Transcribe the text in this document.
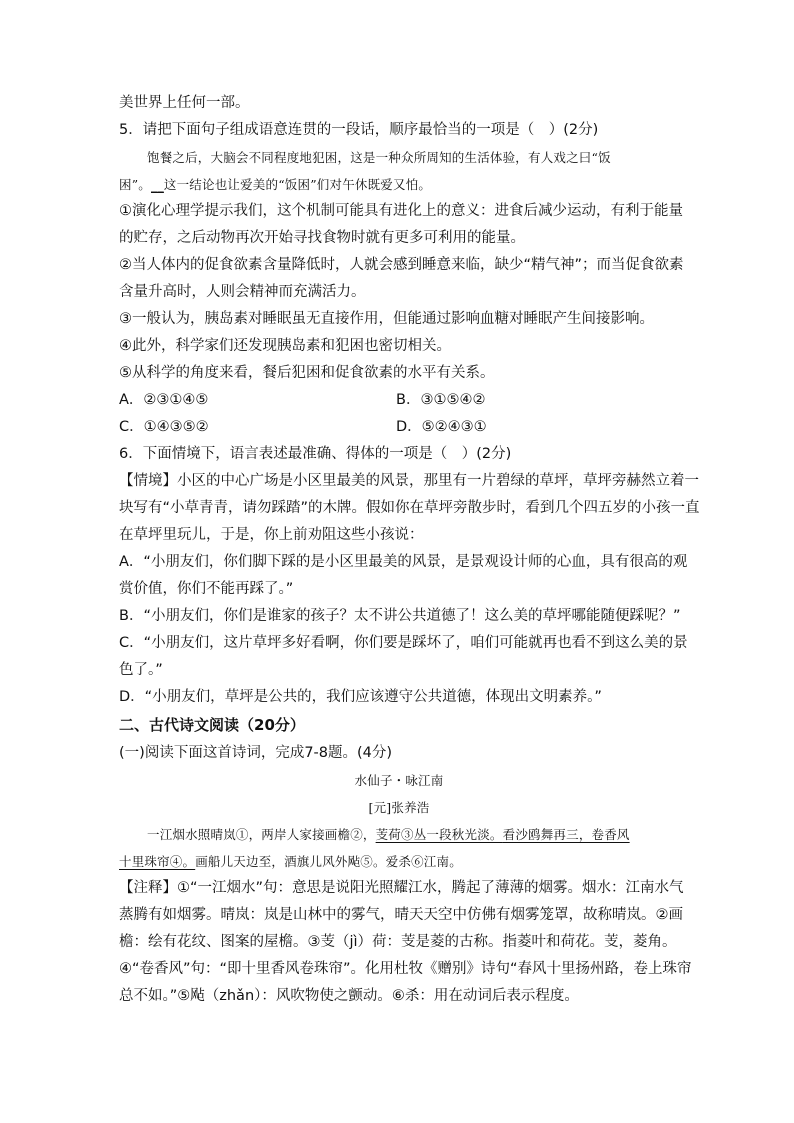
美世界上任何一部。
5．请把下面句子组成语意连贯的一段话，顺序最恰当的一项是（　）(2分)
饱餐之后，大脑会不同程度地犯困，这是一种众所周知的生活体验，有人戏之曰“饭
困”。__这一结论也让爱美的“饭困”们对午休既爱又怕。
①演化心理学提示我们，这个机制可能具有进化上的意义：进食后减少运动，有利于能量
的贮存，之后动物再次开始寻找食物时就有更多可利用的能量。
②当人体内的促食欲素含量降低时，人就会感到睡意来临，缺少“精气神”；而当促食欲素
含量升高时，人则会精神而充满活力。
③一般认为，胰岛素对睡眠虽无直接作用，但能通过影响血糖对睡眠产生间接影响。
④此外，科学家们还发现胰岛素和犯困也密切相关。
⑤从科学的角度来看，餐后犯困和促食欲素的水平有关系。
A．②③①④⑤	B．③①⑤④②
C．①④③⑤②	D．⑤②④③①
6．下面情境下，语言表述最准确、得体的一项是（　）(2分)
【情境】小区的中心广场是小区里最美的风景，那里有一片碧绿的草坪，草坪旁赫然立着一
块写有“小草青青，请勿踩踏”的木牌。假如你在草坪旁散步时，看到几个四五岁的小孩一直
在草坪里玩儿，于是，你上前劝阻这些小孩说：
A．“小朋友们，你们脚下踩的是小区里最美的风景，是景观设计师的心血，具有很高的观
赏价值，你们不能再踩了。”
B．“小朋友们，你们是谁家的孩子？太不讲公共道德了！这么美的草坪哪能随便踩呢？”
C．“小朋友们，这片草坪多好看啊，你们要是踩坏了，咱们可能就再也看不到这么美的景
色了。”
D．“小朋友们，草坪是公共的，我们应该遵守公共道德，体现出文明素养。”
二、古代诗文阅读（20分）
(一)阅读下面这首诗词，完成7-8题。(4分)
水仙子・咏江南
[元]张养浩
一江烟水照晴岚①，两岸人家接画檐②，芰荷③丛一段秋光淡。看沙鸥舞再三，卷香风
十里珠帘④。画船儿天边至，酒旗儿风外飐⑤。爱杀⑥江南。
【注释】①“一江烟水”句：意思是说阳光照耀江水，腾起了薄薄的烟雾。烟水：江南水气
蒸腾有如烟雾。晴岚：岚是山林中的雾气，晴天天空中仿佛有烟雾笼罩，故称晴岚。②画
檐：绘有花纹、图案的屋檐。③芰（jì）荷：芰是菱的古称。指菱叶和荷花。芰，菱角。
④“卷香风”句：“即十里香风卷珠帘”。化用杜牧《赠别》诗句“春风十里扬州路，卷上珠帘
总不如。”⑤飐（zhǎn）：风吹物使之颤动。⑥杀：用在动词后表示程度。
